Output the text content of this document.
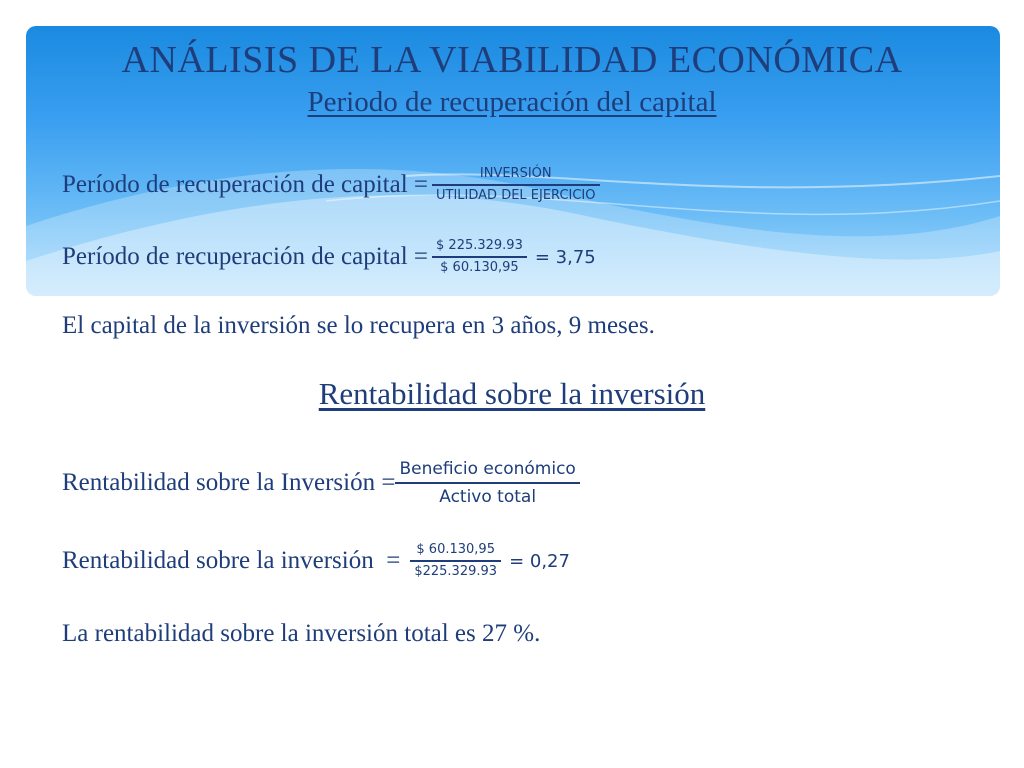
ANÁLISIS DE LA VIABILIDAD ECONÓMICA
Periodo de recuperación del capital
Período de recuperación de capital = $\frac{\text{INVERSIÓN}}{\text{UTILIDAD DEL EJERCICIO}}$
Período de recuperación de capital = $\frac{\$ 225.329.93}{\$ 60.130,95} = 3,75$
El capital de la inversión se lo recupera en 3 años, 9 meses.
Rentabilidad sobre la inversión
Rentabilidad sobre la Inversión = $\frac{\text{Beneficio económico}}{\text{Activo total}}$
Rentabilidad sobre la inversión  = $\frac{\$ 60.130,95}{\$225.329.93} = 0,27$
La rentabilidad sobre la inversión total es 27 %.
